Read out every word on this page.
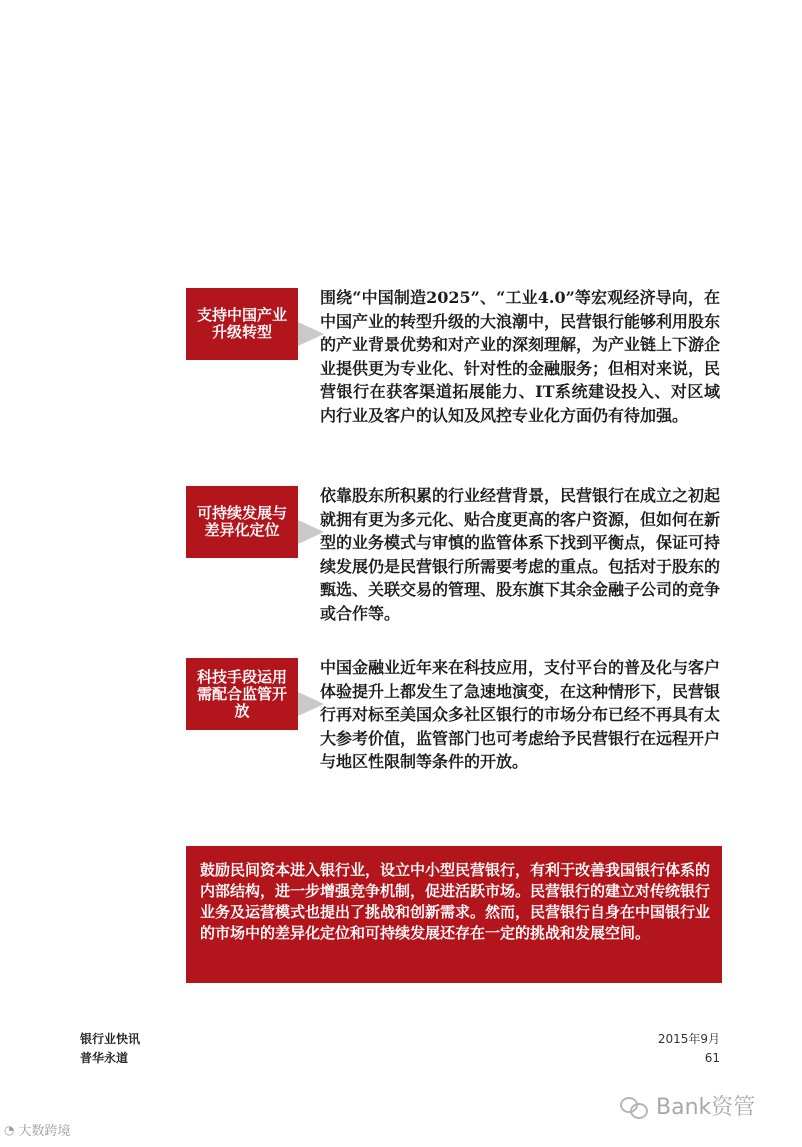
支持中国产业升级转型
围绕“中国制造2025”、“工业4.0”等宏观经济导向，在中国产业的转型升级的大浪潮中，民营银行能够利用股东的产业背景优势和对产业的深刻理解，为产业链上下游企业提供更为专业化、针对性的金融服务；但相对来说，民营银行在获客渠道拓展能力、IT系统建设投入、对区域内行业及客户的认知及风控专业化方面仍有待加强。
可持续发展与差异化定位
依靠股东所积累的行业经营背景，民营银行在成立之初起就拥有更为多元化、贴合度更高的客户资源，但如何在新型的业务模式与审慎的监管体系下找到平衡点，保证可持续发展仍是民营银行所需要考虑的重点。包括对于股东的甄选、关联交易的管理、股东旗下其余金融子公司的竞争或合作等。
科技手段运用需配合监管开放
中国金融业近年来在科技应用，支付平台的普及化与客户体验提升上都发生了急速地演变，在这种情形下，民营银行再对标至美国众多社区银行的市场分布已经不再具有太大参考价值，监管部门也可考虑给予民营银行在远程开户与地区性限制等条件的开放。
鼓励民间资本进入银行业，设立中小型民营银行，有利于改善我国银行体系的内部结构，进一步增强竞争机制，促进活跃市场。民营银行的建立对传统银行业务及运营模式也提出了挑战和创新需求。然而，民营银行自身在中国银行业的市场中的差异化定位和可持续发展还存在一定的挑战和发展空间。
银行业快讯
普华永道
2015年9月
61
◔ 大数跨境
Bank资管
